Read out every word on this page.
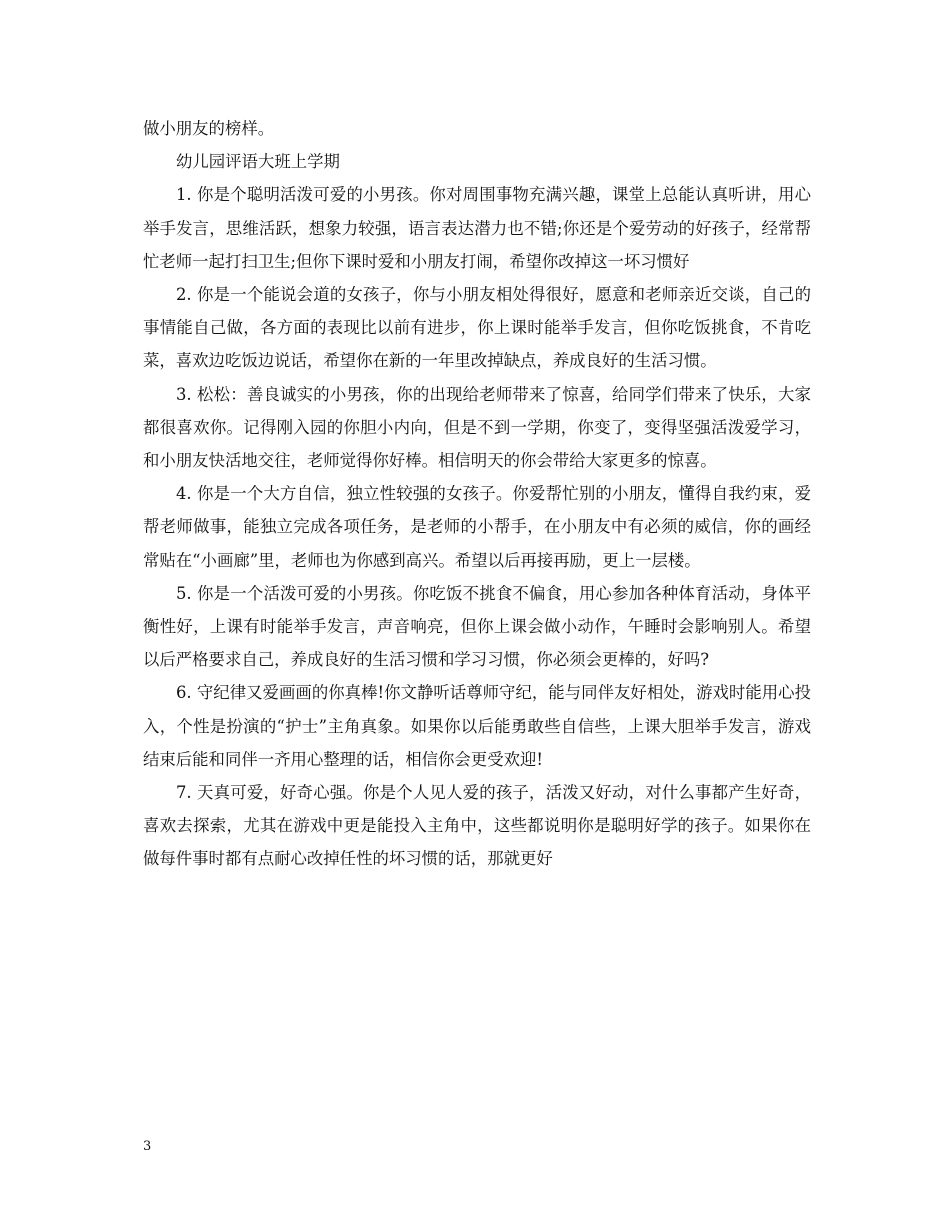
做小朋友的榜样。

幼儿园评语大班上学期

1. 你是个聪明活泼可爱的小男孩。你对周围事物充满兴趣，课堂上总能认真听讲，用心举手发言，思维活跃，想象力较强，语言表达潜力也不错;你还是个爱劳动的好孩子，经常帮忙老师一起打扫卫生;但你下课时爱和小朋友打闹，希望你改掉这一坏习惯好

2. 你是一个能说会道的女孩子，你与小朋友相处得很好，愿意和老师亲近交谈，自己的事情能自己做，各方面的表现比以前有进步，你上课时能举手发言，但你吃饭挑食，不肯吃菜，喜欢边吃饭边说话，希望你在新的一年里改掉缺点，养成良好的生活习惯。

3. 松松：善良诚实的小男孩，你的出现给老师带来了惊喜，给同学们带来了快乐，大家都很喜欢你。记得刚入园的你胆小内向，但是不到一学期，你变了，变得坚强活泼爱学习，和小朋友快活地交往，老师觉得你好棒。相信明天的你会带给大家更多的惊喜。

4. 你是一个大方自信，独立性较强的女孩子。你爱帮忙别的小朋友，懂得自我约束，爱帮老师做事，能独立完成各项任务，是老师的小帮手，在小朋友中有必须的威信，你的画经常贴在“小画廊”里，老师也为你感到高兴。希望以后再接再励，更上一层楼。

5. 你是一个活泼可爱的小男孩。你吃饭不挑食不偏食，用心参加各种体育活动，身体平衡性好，上课有时能举手发言，声音响亮，但你上课会做小动作，午睡时会影响别人。希望以后严格要求自己，养成良好的生活习惯和学习习惯，你必须会更棒的，好吗?

6. 守纪律又爱画画的你真棒!你文静听话尊师守纪，能与同伴友好相处，游戏时能用心投入，个性是扮演的“护士”主角真象。如果你以后能勇敢些自信些，上课大胆举手发言，游戏结束后能和同伴一齐用心整理的话，相信你会更受欢迎!

7. 天真可爱，好奇心强。你是个人见人爱的孩子，活泼又好动，对什么事都产生好奇，喜欢去探索，尤其在游戏中更是能投入主角中，这些都说明你是聪明好学的孩子。如果你在做每件事时都有点耐心改掉任性的坏习惯的话，那就更好

3
